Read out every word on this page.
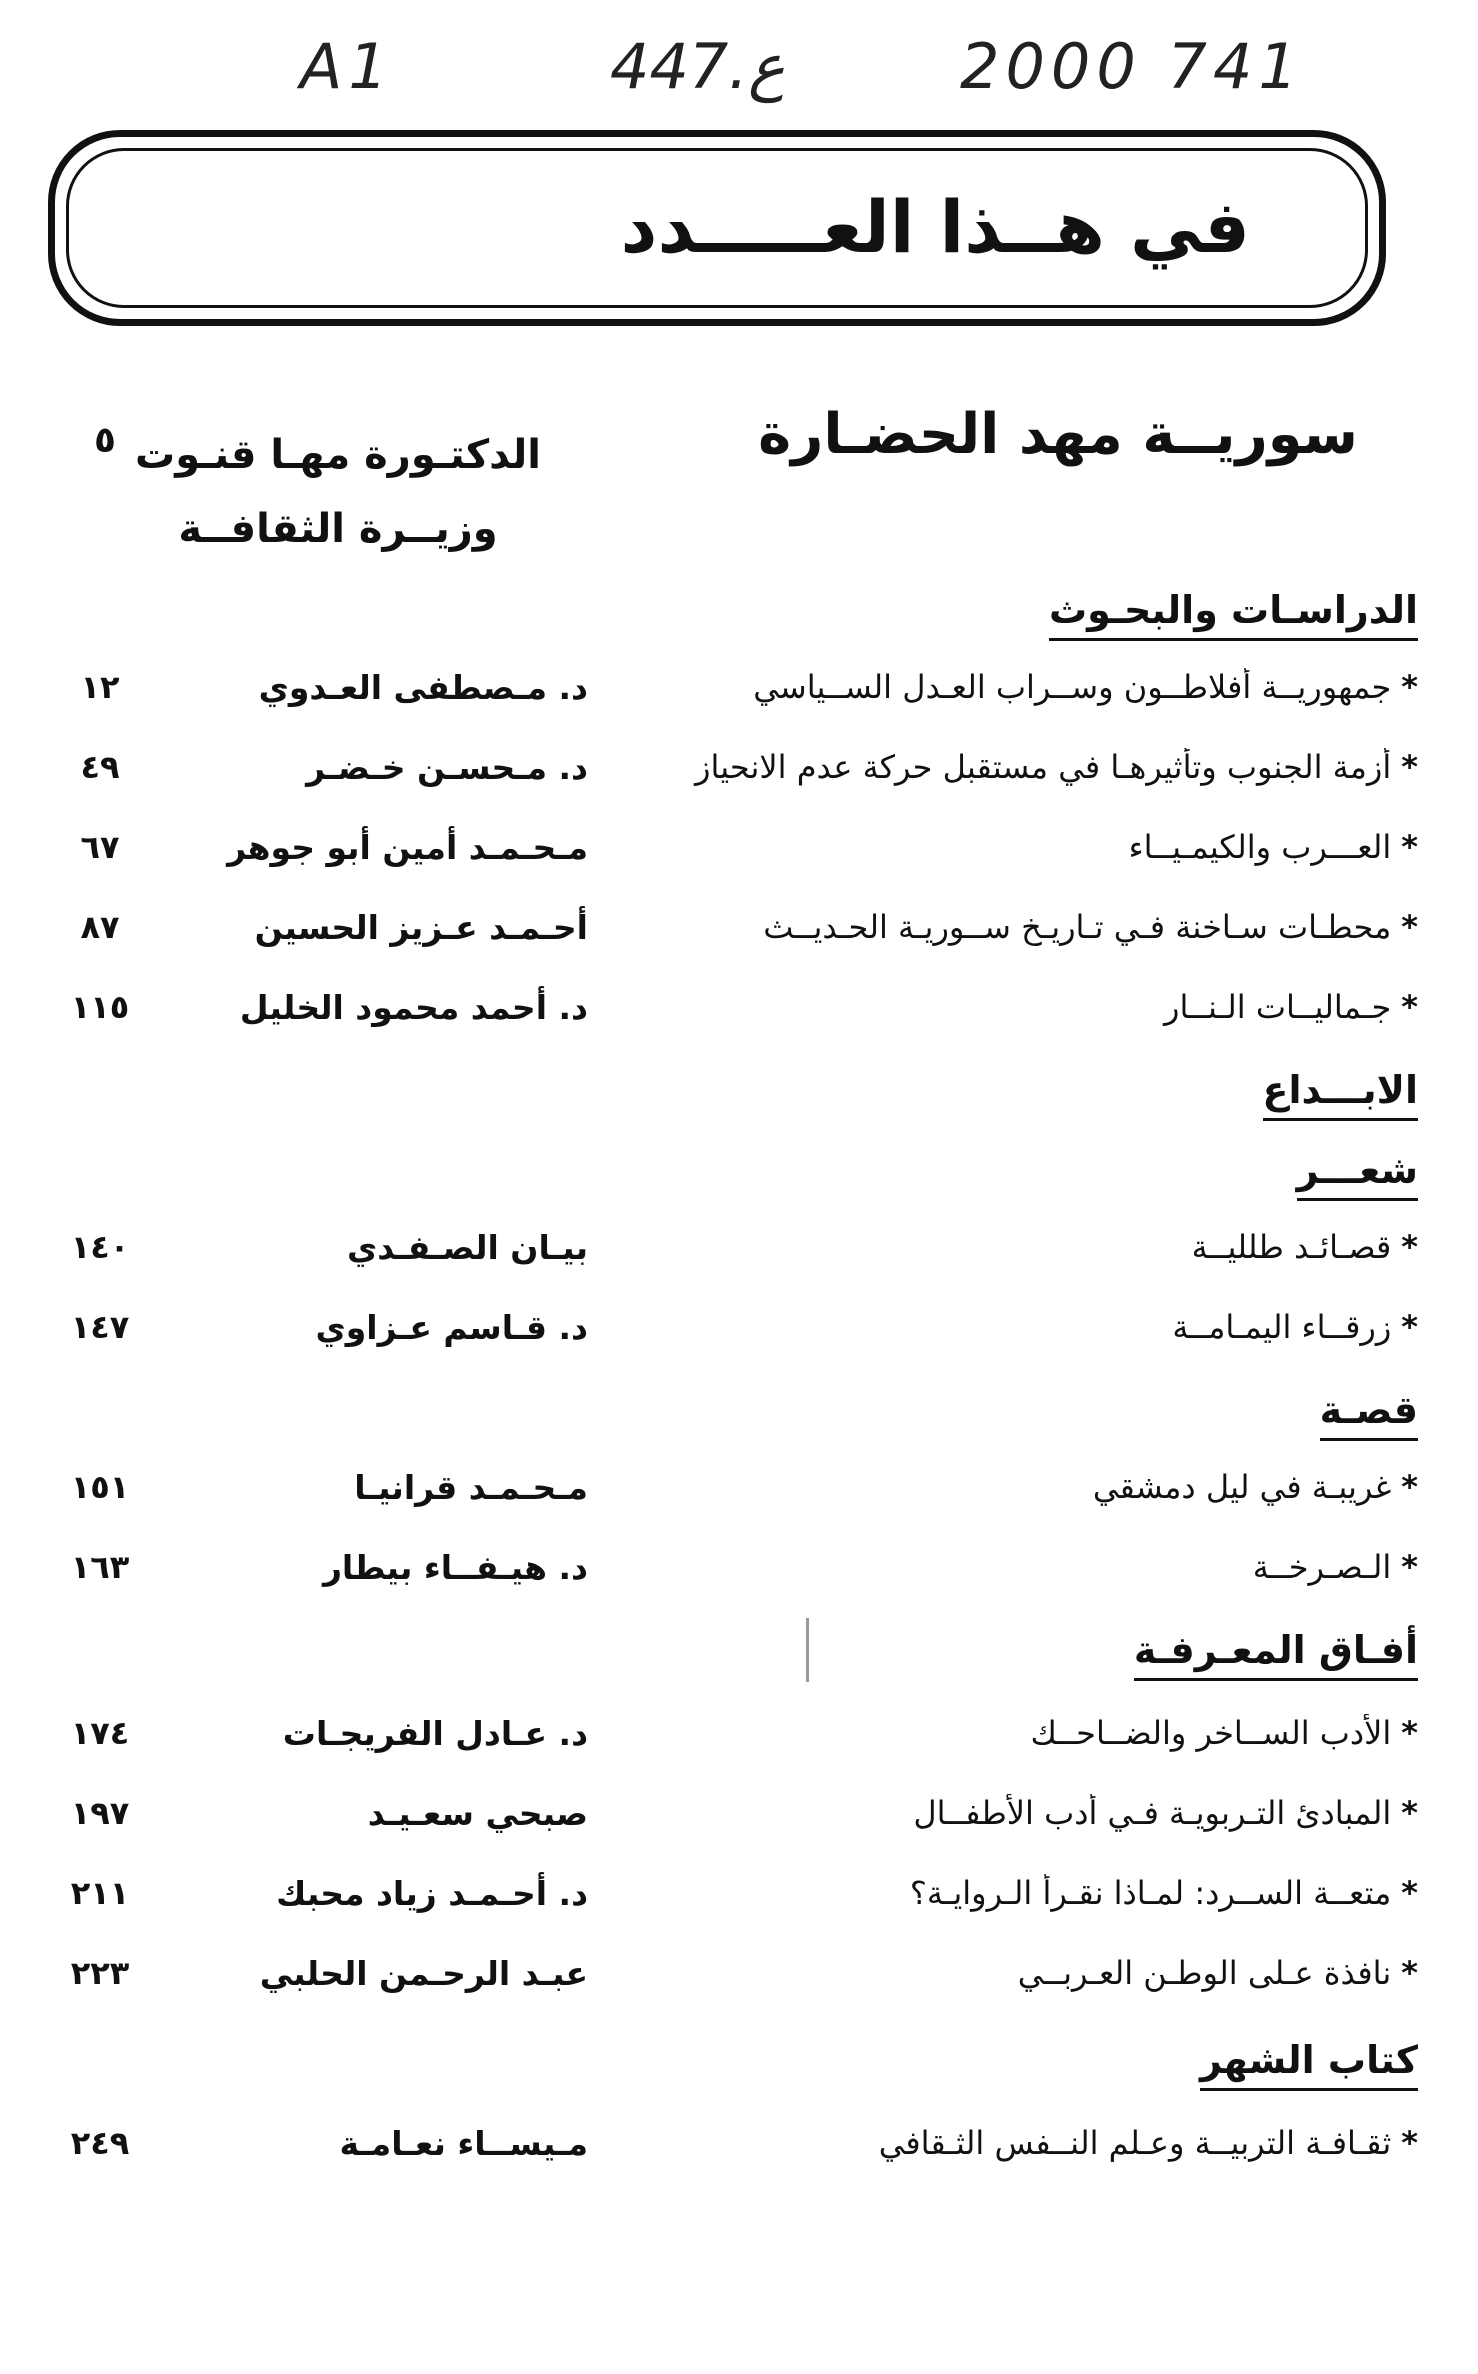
A1	447.ع	2000 741
في هــذا العـــــدد
سوريــة مهد الحضـارة
الدكتـورة مهـا قنـوت
وزيــرة الثقافــة
٥
الدراسـات والبحـوث
*جمهوريــة أفلاطــون وســراب العـدل الســياسي
د. مـصطفى العـدوي
١٢
*أزمة الجنوب وتأثيرهـا في مستقبل حركة عدم الانحياز
د. مـحسـن خـضـر
٤٩
*العـــرب والكيمـيــاء
مـحـمـد أمين أبو جوهر
٦٧
*محطـات سـاخنة فـي تـاريـخ ســوريـة الحـديــث
أحـمـد عـزيز الحسين
٨٧
*جـماليــات الـنــار
د. أحمد محمود الخليل
١١٥
الابـــداع
شعـــر
*قصـائـد طلليــة
بيـان الصـفـدي
١٤٠
*زرقــاء اليمـامــة
د. قـاسم عـزاوي
١٤٧
قصـة
*غريبـة في ليل دمشقي
مـحـمـد قرانيـا
١٥١
*الـصـرخــة
د. هيـفــاء بيطار
١٦٣
أفـاق المعـرفـة
*الأدب الســاخر والضــاحــك
د. عـادل الفريجـات
١٧٤
*المبادئ التـربويـة فـي أدب الأطفــال
صبحي سعـيـد
١٩٧
*متعــة الســرد: لمـاذا نقـرأ الـروايـة؟
د. أحـمـد زياد محبك
٢١١
*نافذة عـلى الوطـن العـربــي
عبـد الرحـمن الحلبي
٢٢٣
كتاب الشهر
*ثقـافـة التربيــة وعـلم النــفس الثـقافي
مـيســاء نعـامـة
٢٤٩
